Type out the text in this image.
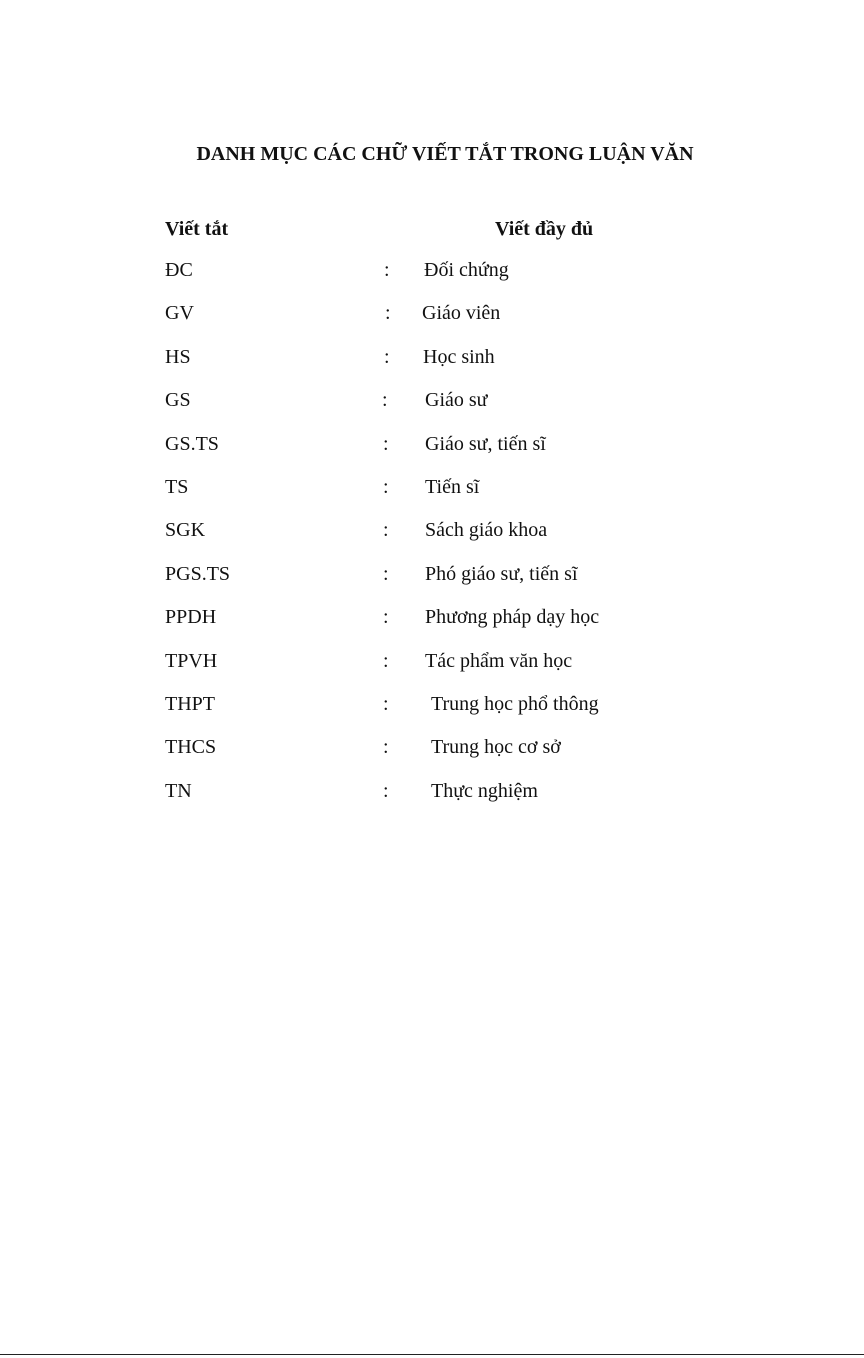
DANH MỤC CÁC CHỮ VIẾT TẮT TRONG LUẬN VĂN
Viết tắt	Viết đầy đủ
ĐC	: Đối chứng
GV	: Giáo viên
HS	: Học sinh
GS	: Giáo sư
GS.TS	: Giáo sư, tiến sĩ
TS	: Tiến sĩ
SGK	: Sách giáo khoa
PGS.TS	: Phó giáo sư, tiến sĩ
PPDH	: Phương pháp dạy học
TPVH	: Tác phẩm văn học
THPT	: Trung học phổ thông
THCS	: Trung học cơ sở
TN	: Thực nghiệm
